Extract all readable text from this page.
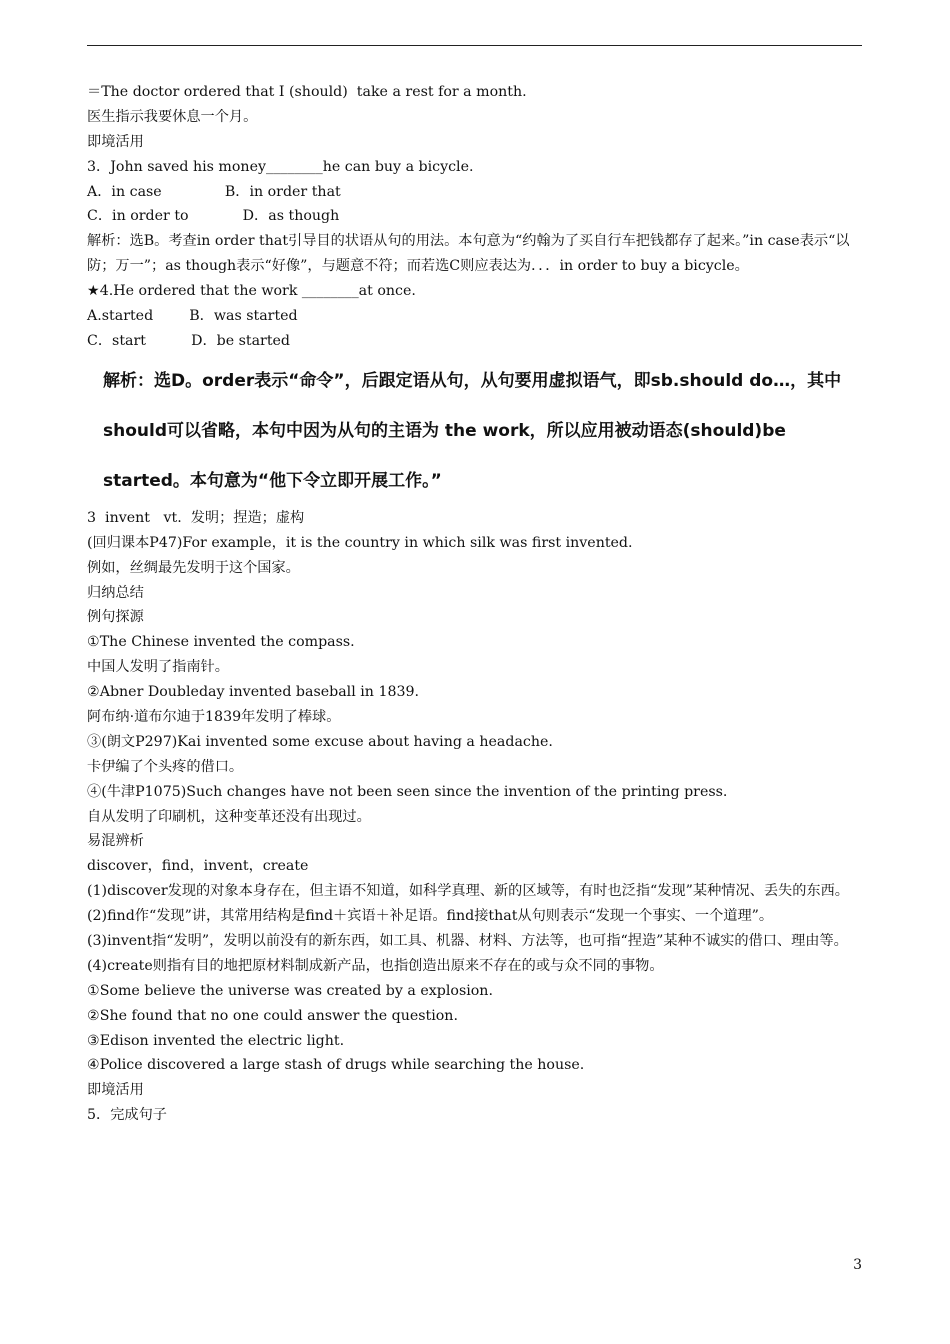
＝The doctor ordered that I (should)  take a rest for a month.
医生指示我要休息一个月。
即境活用
3．John saved his money________he can buy a bicycle.
A．in case              B．in order that
C．in order to            D．as though
解析：选B。考查in order that引导目的状语从句的用法。本句意为“约翰为了买自行车把钱都存了起来。”in case表示“以防；万一”；as though表示“好像”，与题意不符；而若选C则应表达为．．．in order to buy a bicycle。
★4.He ordered that the work ________at once.
A.started        B．was started
C．start          D．be started
解析：选D。order表示“命令”，后跟定语从句，从句要用虚拟语气，即sb.should do…，其中should可以省略，本句中因为从句的主语为 the work，所以应用被动语态(should)be started。本句意为“他下令立即开展工作。”
3  invent   vt.  发明；捏造；虚构
(回归课本P47)For example，it is the country in which silk was first invented.
例如，丝绸最先发明于这个国家。
归纳总结
例句探源
①The Chinese invented the compass.
中国人发明了指南针。
②Abner Doubleday invented baseball in 1839.
阿布纳·道布尔迪于1839年发明了棒球。
③(朗文P297)Kai invented some excuse about having a headache.
卡伊编了个头疼的借口。
④(牛津P1075)Such changes have not been seen since the invention of the printing press.
自从发明了印刷机，这种变革还没有出现过。
易混辨析
discover，find，invent，create
(1)discover发现的对象本身存在，但主语不知道，如科学真理、新的区域等，有时也泛指“发现”某种情况、丢失的东西。
(2)find作“发现”讲，其常用结构是find＋宾语＋补足语。find接that从句则表示“发现一个事实、一个道理”。
(3)invent指“发明”，发明以前没有的新东西，如工具、机器、材料、方法等，也可指“捏造”某种不诚实的借口、理由等。
(4)create则指有目的地把原材料制成新产品，也指创造出原来不存在的或与众不同的事物。
①Some believe the universe was created by a explosion.
②She found that no one could answer the question.
③Edison invented the electric light.
④Police discovered a large stash of drugs while searching the house.
即境活用
5．完成句子
3
